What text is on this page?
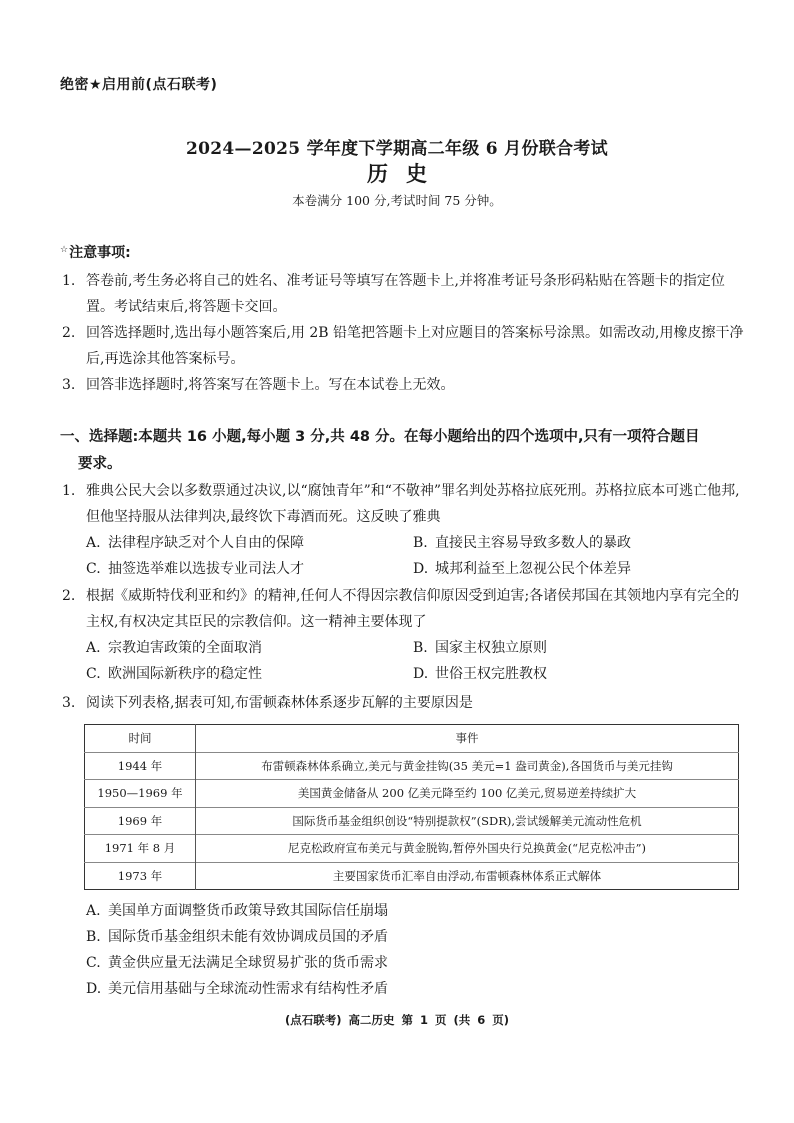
绝密★启用前(点石联考)
2024—2025 学年度下学期高二年级 6 月份联合考试
历史
本卷满分 100 分,考试时间 75 分钟。
☆注意事项:
1. 答卷前,考生务必将自己的姓名、准考证号等填写在答题卡上,并将准考证号条形码粘贴在答题卡的指定位置。考试结束后,将答题卡交回。
2. 回答选择题时,选出每小题答案后,用 2B 铅笔把答题卡上对应题目的答案标号涂黑。如需改动,用橡皮擦干净后,再选涂其他答案标号。
3. 回答非选择题时,将答案写在答题卡上。写在本试卷上无效。
一、选择题:本题共 16 小题,每小题 3 分,共 48 分。在每小题给出的四个选项中,只有一项符合题目
要求。
1. 雅典公民大会以多数票通过决议,以“腐蚀青年”和“不敬神”罪名判处苏格拉底死刑。苏格拉底本可逃亡他邦,但他坚持服从法律判决,最终饮下毒酒而死。这反映了雅典
A. 法律程序缺乏对个人自由的保障	B. 直接民主容易导致多数人的暴政
C. 抽签选举难以选拔专业司法人才	D. 城邦利益至上忽视公民个体差异
2. 根据《威斯特伐利亚和约》的精神,任何人不得因宗教信仰原因受到迫害;各诸侯邦国在其领地内享有完全的主权,有权决定其臣民的宗教信仰。这一精神主要体现了
A. 宗教迫害政策的全面取消	B. 国家主权独立原则
C. 欧洲国际新秩序的稳定性	D. 世俗王权完胜教权
3. 阅读下列表格,据表可知,布雷顿森林体系逐步瓦解的主要原因是
时间	事件
1944 年	布雷顿森林体系确立,美元与黄金挂钩(35 美元=1 盎司黄金),各国货币与美元挂钩
1950—1969 年	美国黄金储备从 200 亿美元降至约 100 亿美元,贸易逆差持续扩大
1969 年	国际货币基金组织创设“特别提款权”(SDR),尝试缓解美元流动性危机
1971 年 8 月	尼克松政府宣布美元与黄金脱钩,暂停外国央行兑换黄金(“尼克松冲击”)
1973 年	主要国家货币汇率自由浮动,布雷顿森林体系正式解体
A. 美国单方面调整货币政策导致其国际信任崩塌
B. 国际货币基金组织未能有效协调成员国的矛盾
C. 黄金供应量无法满足全球贸易扩张的货币需求
D. 美元信用基础与全球流动性需求有结构性矛盾
(点石联考) 高二历史 第 1 页 (共 6 页)
